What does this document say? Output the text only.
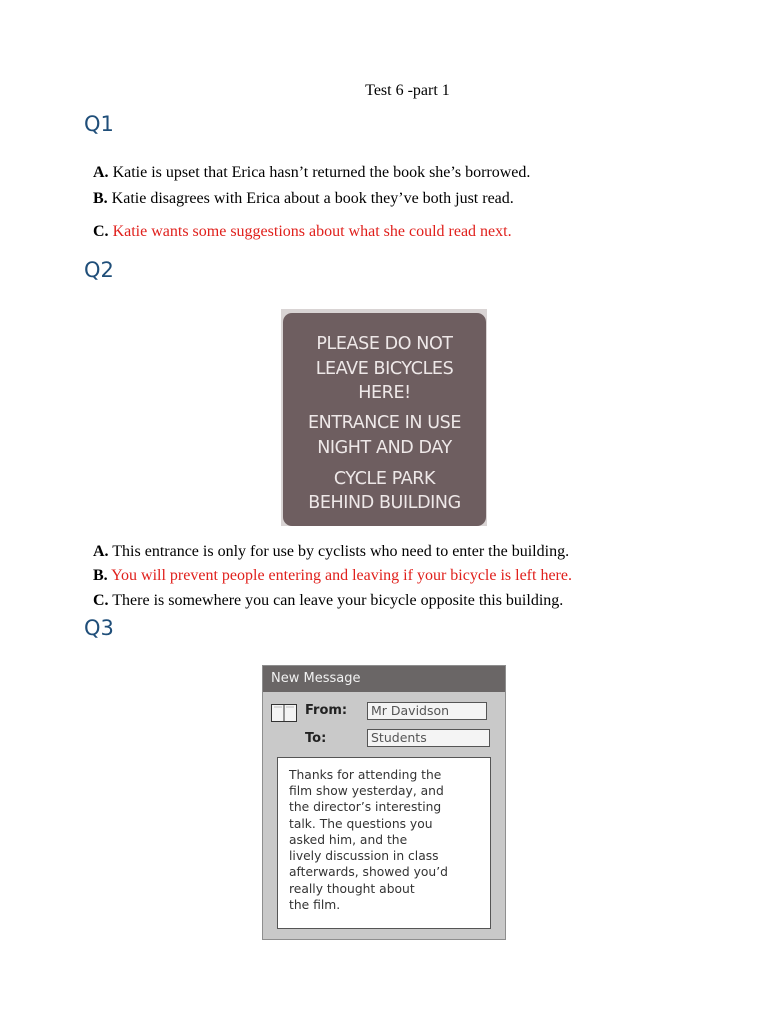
Test 6 -part 1
Q1
A. Katie is upset that Erica hasn’t returned the book she’s borrowed.
B. Katie disagrees with Erica about a book they’ve both just read.
C. Katie wants some suggestions about what she could read next.
Q2
PLEASE DO NOT
LEAVE BICYCLES
HERE!
ENTRANCE IN USE
NIGHT AND DAY
CYCLE PARK
BEHIND BUILDING
A. This entrance is only for use by cyclists who need to enter the building.
B. You will prevent people entering and leaving if your bicycle is left here.
C. There is somewhere you can leave your bicycle opposite this building.
Q3
New Message
From:	Mr Davidson
To:	Students
Thanks for attending the
film show yesterday, and
the director’s interesting
talk. The questions you
asked him, and the
lively discussion in class
afterwards, showed you’d
really thought about
the film.
